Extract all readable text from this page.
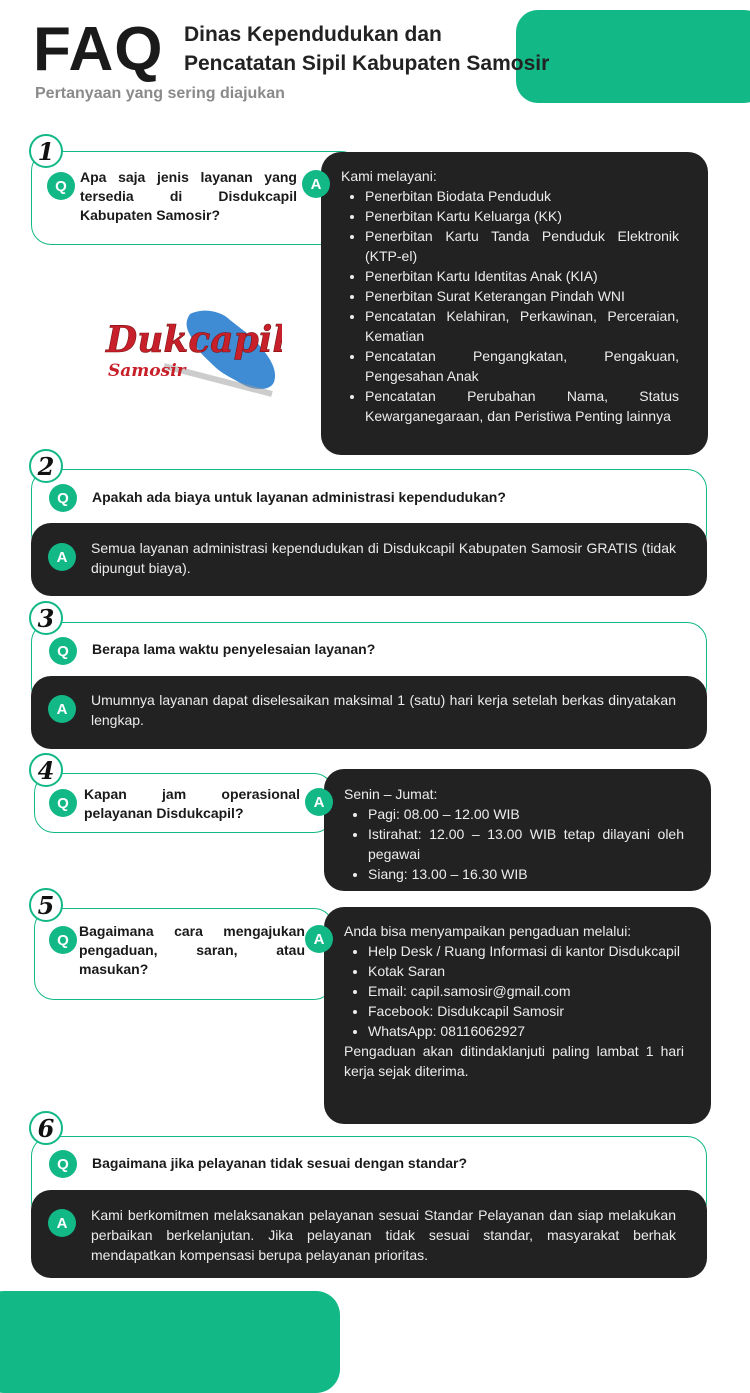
FAQ Dinas Kependudukan dan
Pencatatan Sipil Kabupaten Samosir
Pertanyaan yang sering diajukan
1
Q
Apa saja jenis layanan yang tersedia di Disdukcapil Kabupaten Samosir?
A	Kami melayani:
• Penerbitan Biodata Penduduk
• Penerbitan Kartu Keluarga (KK)
• Penerbitan Kartu Tanda Penduduk Elektronik (KTP-el)
• Penerbitan Kartu Identitas Anak (KIA)
• Penerbitan Surat Keterangan Pindah WNI
• Pencatatan Kelahiran, Perkawinan, Perceraian, Kematian
• Pencatatan Pengangkatan, Pengakuan, Pengesahan Anak
• Pencatatan Perubahan Nama, Status Kewarganegaraan, dan Peristiwa Penting lainnya
Dukcapil
Samosir
2
Q	Apakah ada biaya untuk layanan administrasi kependudukan?
A
Semua layanan administrasi kependudukan di Disdukcapil Kabupaten Samosir GRATIS (tidak dipungut biaya).
3
Q	Berapa lama waktu penyelesaian layanan?
A
Umumnya layanan dapat diselesaikan maksimal 1 (satu) hari kerja setelah berkas dinyatakan lengkap.
4
Q
Kapan jam operasional pelayanan Disdukcapil?
A	Senin – Jumat:
• Pagi: 08.00 – 12.00 WIB
• Istirahat: 12.00 – 13.00 WIB tetap dilayani oleh pegawai
• Siang: 13.00 – 16.30 WIB
5
Q
Bagaimana cara mengajukan pengaduan, saran, atau masukan?
A	Anda bisa menyampaikan pengaduan melalui:
• Help Desk / Ruang Informasi di kantor Disdukcapil
• Kotak Saran
• Email: capil.samosir@gmail.com
• Facebook: Disdukcapil Samosir
• WhatsApp: 08116062927
Pengaduan akan ditindaklanjuti paling lambat 1 hari kerja sejak diterima.
6
Q	Bagaimana jika pelayanan tidak sesuai dengan standar?
A	Kami berkomitmen melaksanakan pelayanan sesuai Standar Pelayanan dan siap melakukan perbaikan berkelanjutan. Jika pelayanan tidak sesuai standar, masyarakat berhak mendapatkan kompensasi berupa pelayanan prioritas.
